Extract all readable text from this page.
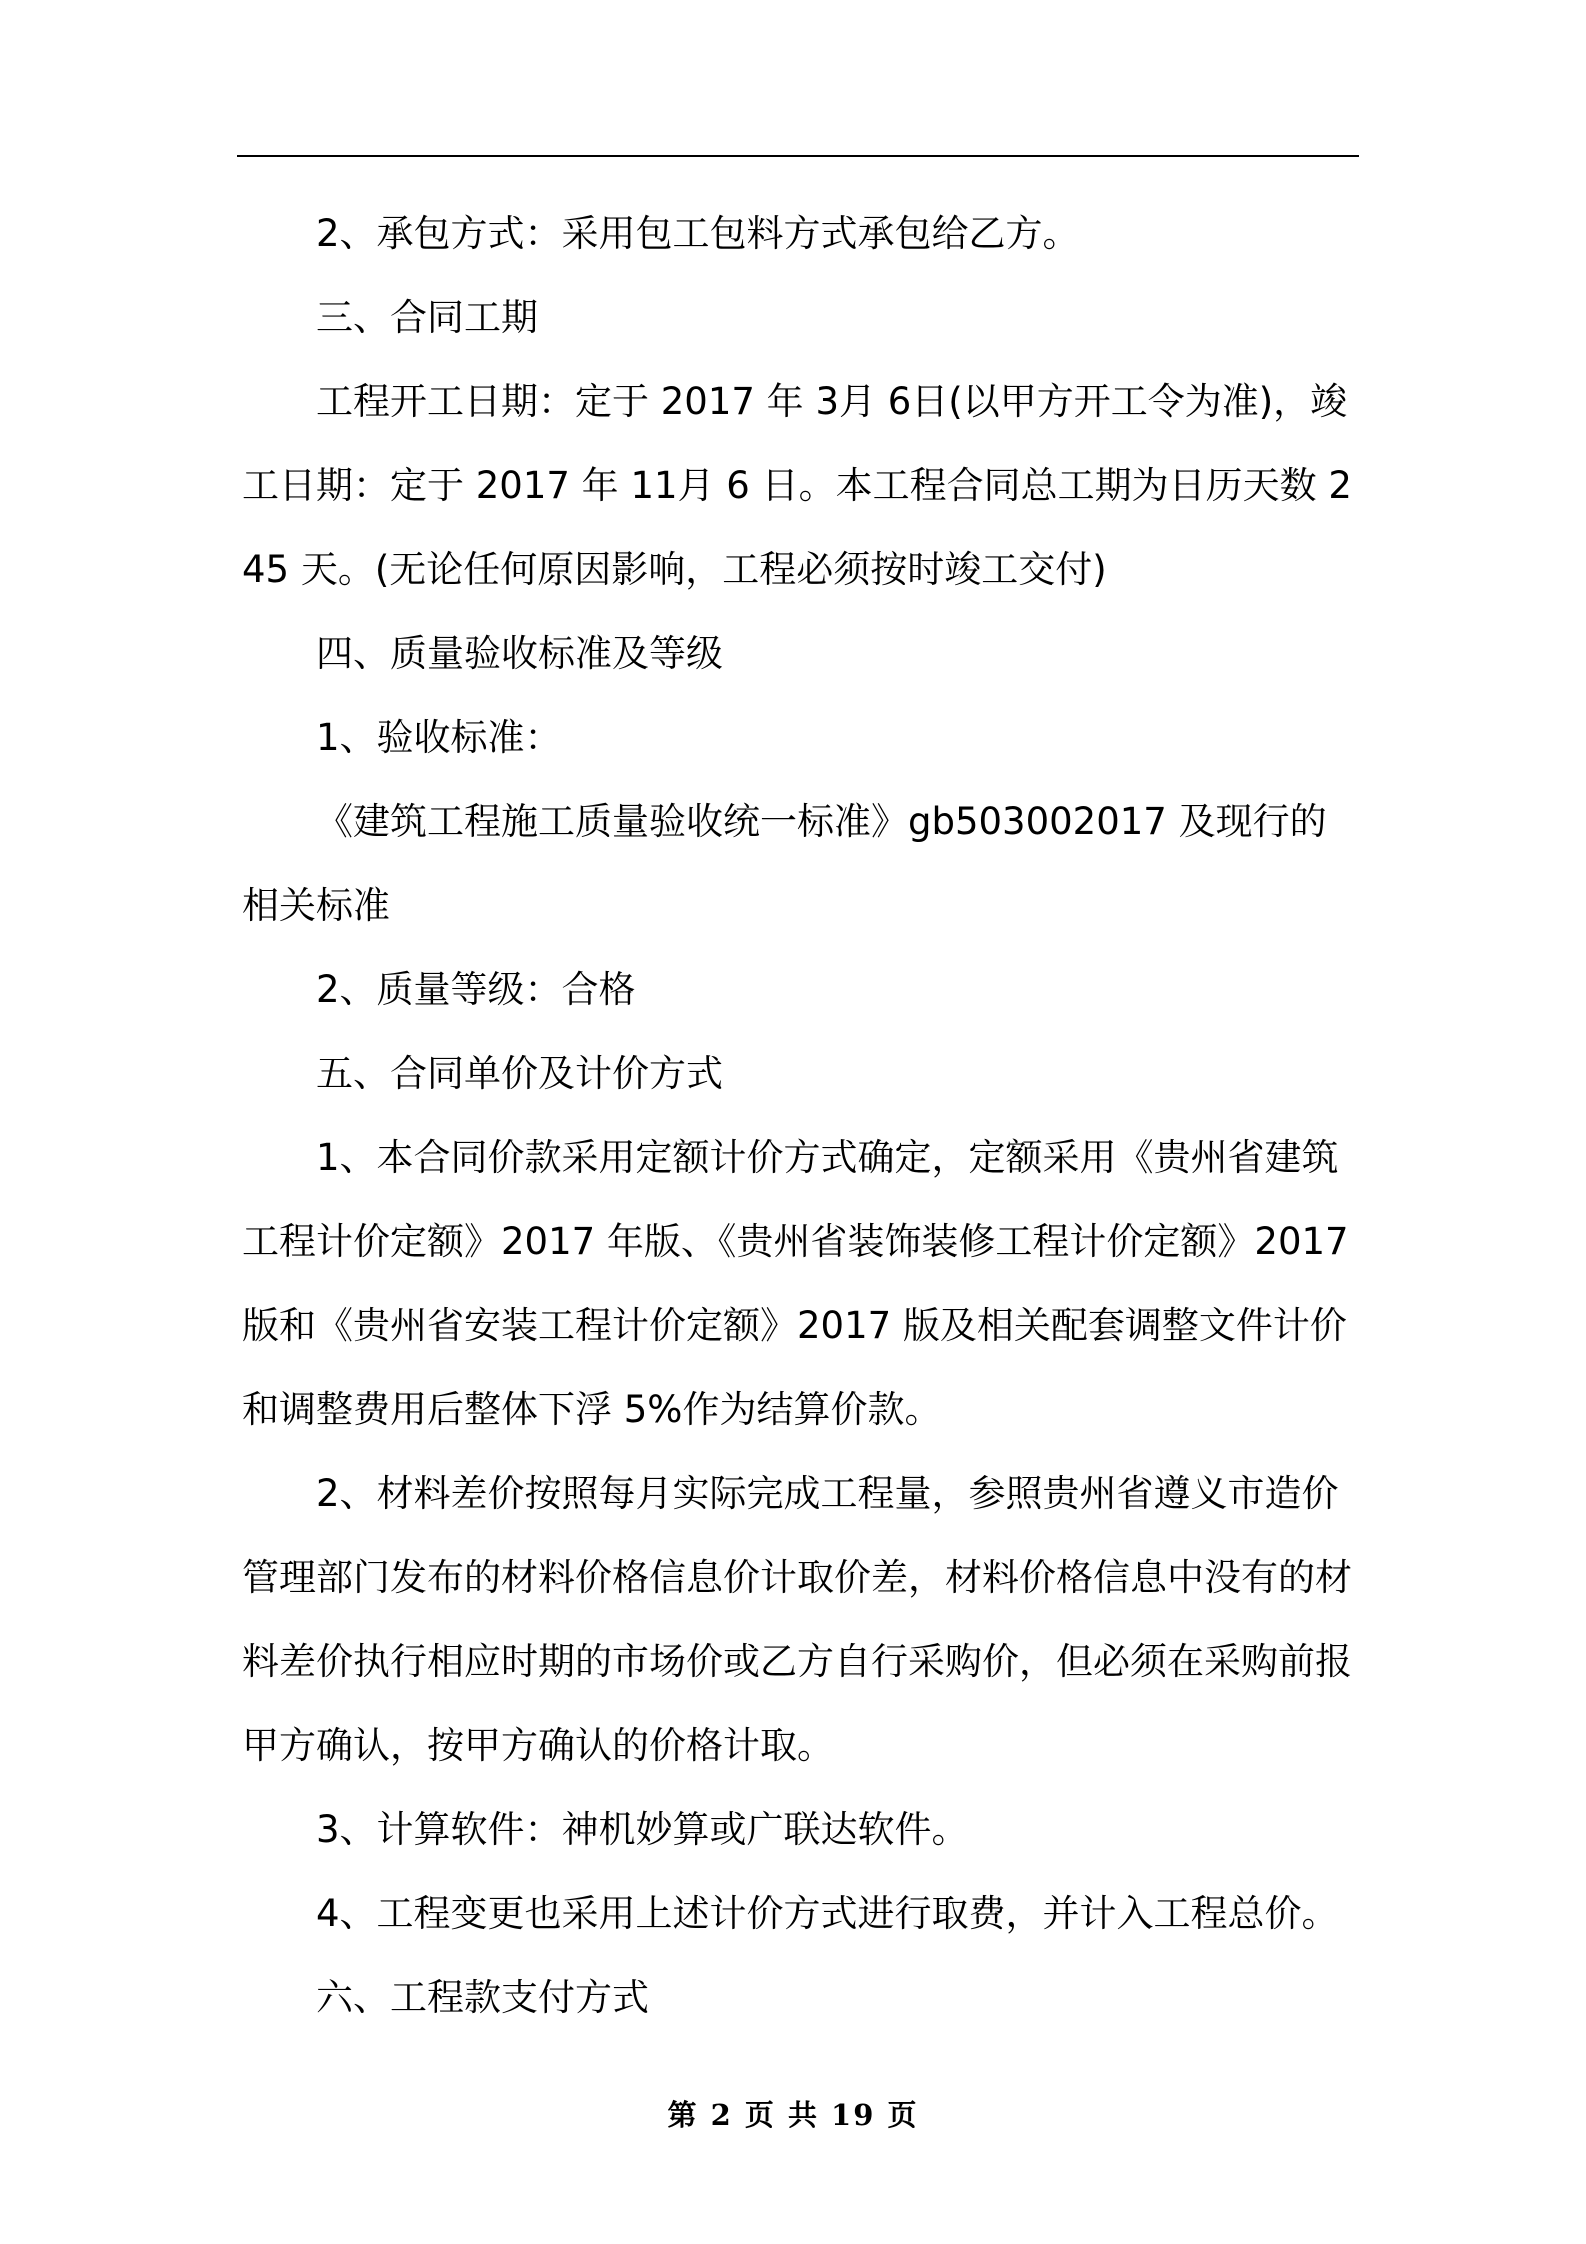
2、承包方式：采用包工包料方式承包给乙方。

三、合同工期

工程开工日期：定于 2017 年 3月 6日(以甲方开工令为准)，竣工日期：定于 2017 年 11月 6 日。本工程合同总工期为日历天数 245 天。(无论任何原因影响，工程必须按时竣工交付)

四、质量验收标准及等级

1、验收标准：

《建筑工程施工质量验收统一标准》gb503002017 及现行的相关标准

2、质量等级：合格

五、合同单价及计价方式

1、本合同价款采用定额计价方式确定，定额采用《贵州省建筑工程计价定额》2017 年版、《贵州省装饰装修工程计价定额》2017 版和《贵州省安装工程计价定额》2017 版及相关配套调整文件计价和调整费用后整体下浮 5%作为结算价款。

2、材料差价按照每月实际完成工程量，参照贵州省遵义市造价管理部门发布的材料价格信息价计取价差，材料价格信息中没有的材料差价执行相应时期的市场价或乙方自行采购价，但必须在采购前报甲方确认，按甲方确认的价格计取。

3、计算软件：神机妙算或广联达软件。

4、工程变更也采用上述计价方式进行取费，并计入工程总价。

六、工程款支付方式

第 2 页 共 19 页
